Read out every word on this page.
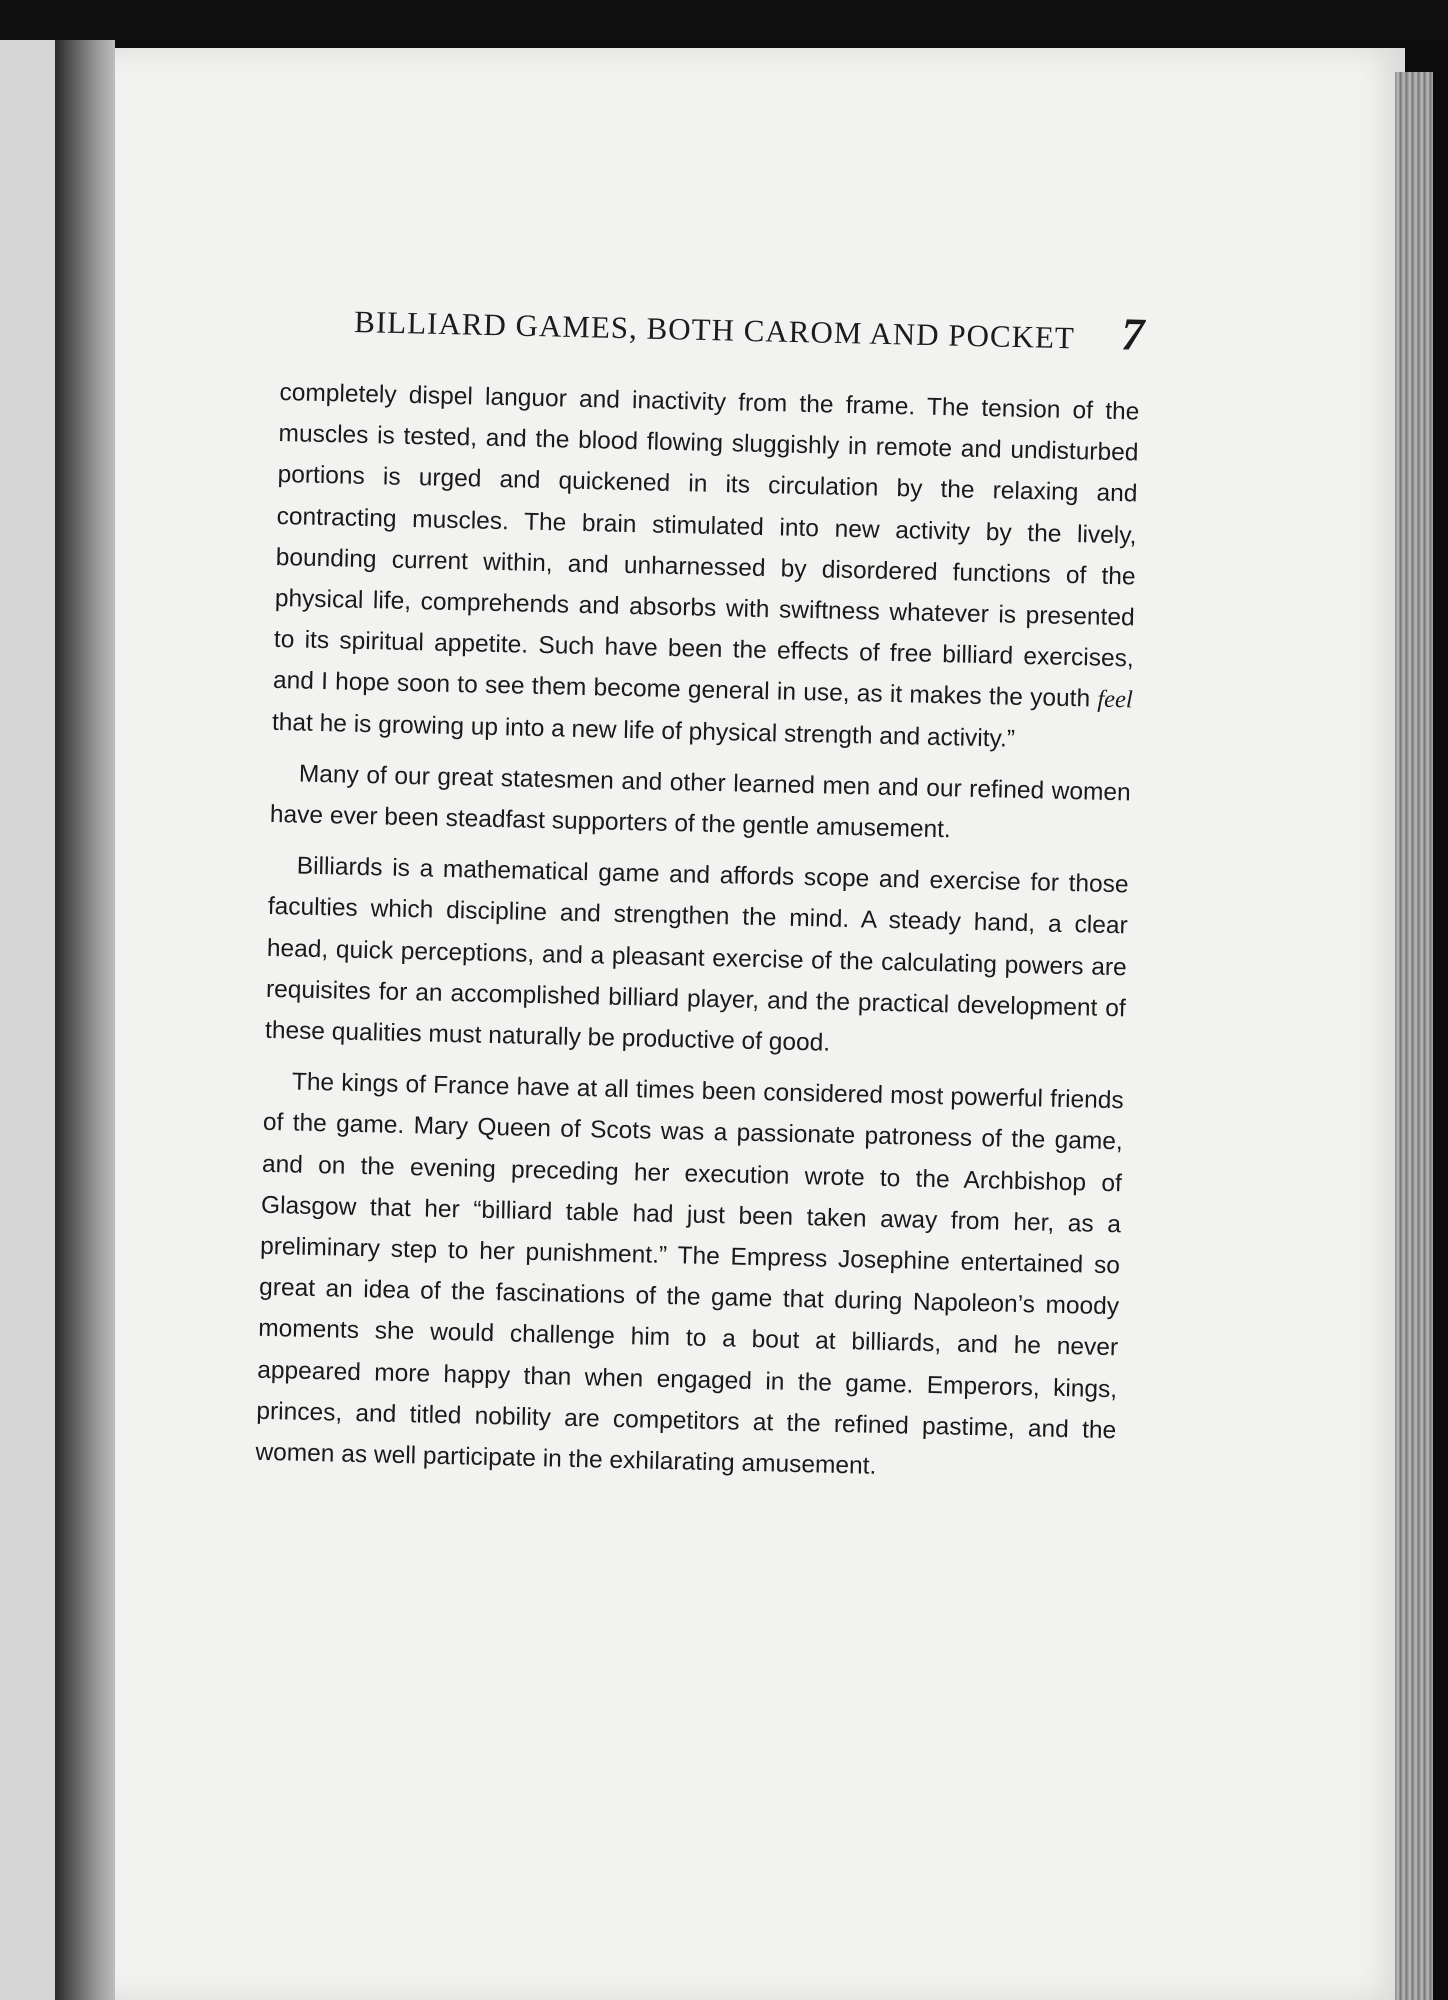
BILLIARD GAMES, BOTH CAROM AND POCKET 7

completely dispel languor and inactivity from the frame. The tension of the muscles is tested, and the blood flowing sluggishly in remote and undisturbed portions is urged and quickened in its circulation by the relaxing and contracting muscles. The brain stimulated into new activity by the lively, bounding current within, and unharnessed by disordered functions of the physical life, comprehends and absorbs with swiftness whatever is presented to its spiritual appetite. Such have been the effects of free billiard exercises, and I hope soon to see them become general in use, as it makes the youth feel that he is growing up into a new life of physical strength and activity.”

Many of our great statesmen and other learned men and our refined women have ever been steadfast supporters of the gentle amusement.

Billiards is a mathematical game and affords scope and exercise for those faculties which discipline and strengthen the mind. A steady hand, a clear head, quick perceptions, and a pleasant exercise of the calculating powers are requisites for an accomplished billiard player, and the practical development of these qualities must naturally be productive of good.

The kings of France have at all times been considered most powerful friends of the game. Mary Queen of Scots was a passionate patroness of the game, and on the evening preceding her execution wrote to the Archbishop of Glasgow that her “billiard table had just been taken away from her, as a preliminary step to her punishment.” The Empress Josephine entertained so great an idea of the fascinations of the game that during Napoleon’s moody moments she would challenge him to a bout at billiards, and he never appeared more happy than when engaged in the game. Emperors, kings, princes, and titled nobility are competitors at the refined pastime, and the women as well participate in the exhilarating amusement.
